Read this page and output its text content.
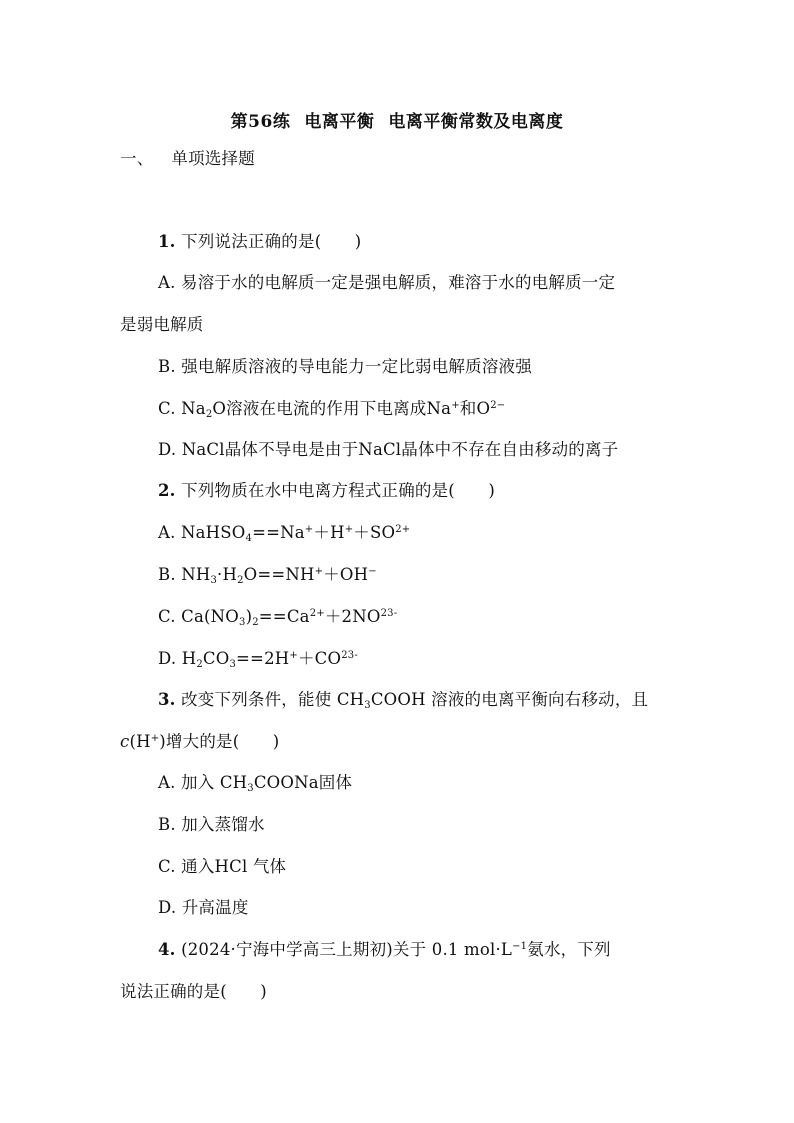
第56练 电离平衡 电离平衡常数及电离度
一、 单项选择题
1. 下列说法正确的是(　　)
A. 易溶于水的电解质一定是强电解质，难溶于水的电解质一定
是弱电解质
B. 强电解质溶液的导电能力一定比弱电解质溶液强
C. $Na_2O$溶液在电流的作用下电离成Na+和$O^{2-}$
D. NaCl晶体不导电是由于NaCl晶体中不存在自由移动的离子
2. 下列物质在水中电离方程式正确的是(　　)
A. $NaHSO_4==Na^++H^++SO^{2+}$
B. $NH_3\cdot H_2O==NH^++OH^-$
C. $Ca(NO_3)_2==Ca^{2+}+2NO^{23-}$
D. $H_2CO_3==2H^++CO^{23-}$
3. 改变下列条件，能使 $CH_3COOH$ 溶液的电离平衡向右移动，且
c(H+)增大的是(　　)
A. 加入 $CH_3COONa$固体
B. 加入蒸馏水
C. 通入HCl 气体
D. 升高温度
4. (2024·宁海中学高三上期初)关于 0.1 $mol\cdot L^{-1}$氨水，下列
说法正确的是(　　)
